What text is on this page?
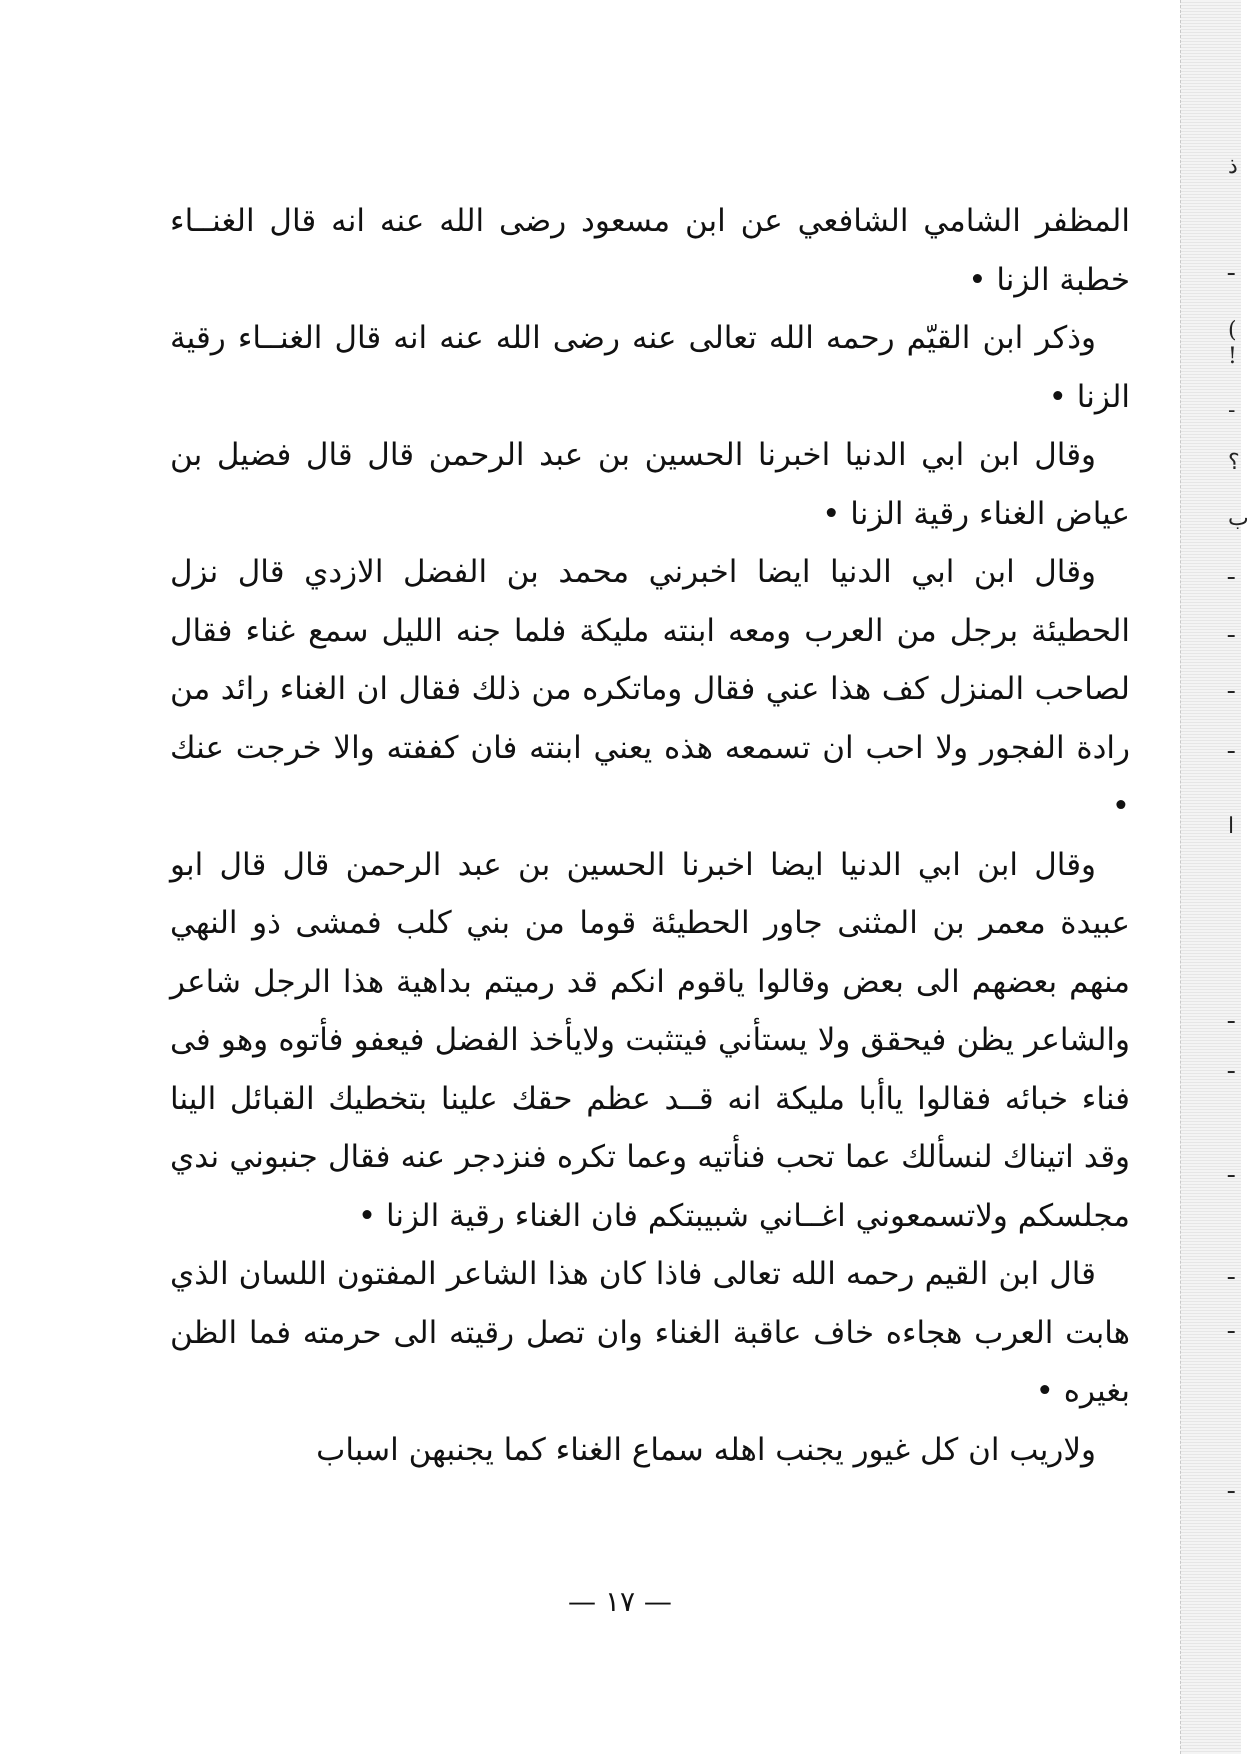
ذ
ـ
(
!
-
؟
ب
ـ
ـ
ـ
ـ
ا
ـ
ـ
ـ
ـ
ـ
ـ

المظفر الشامي الشافعي عن ابن مسعود رضى الله عنه انه قال الغنــاء خطبة الزنا •

وذكر ابن القيّم رحمه الله تعالى عنه رضى الله عنه انه قال الغنــاء رقية الزنا •

وقال ابن ابي الدنيا اخبرنا الحسين بن عبد الرحمن قال قال فضيل بن عياض الغناء رقية الزنا •

وقال ابن ابي الدنيا ايضا اخبرني محمد بن الفضل الازدي قال نزل الحطيئة برجل من العرب ومعه ابنته مليكة فلما جنه الليل سمع غناء فقال لصاحب المنزل كف هذا عني فقال وماتكره من ذلك فقال ان الغناء رائد من رادة الفجور ولا احب ان تسمعه هذه يعني ابنته فان كففته والا خرجت عنك •

وقال ابن ابي الدنيا ايضا اخبرنا الحسين بن عبد الرحمن قال قال ابو عبيدة معمر بن المثنى جاور الحطيئة قوما من بني كلب فمشى ذو النهي منهم بعضهم الى بعض وقالوا ياقوم انكم قد رميتم بداهية هذا الرجل شاعر والشاعر يظن فيحقق ولا يستأني فيتثبت ولايأخذ الفضل فيعفو فأتوه وهو فى فناء خبائه فقالوا ياأبا مليكة انه قــد عظم حقك علينا بتخطيك القبائل الينا وقد اتيناك لنسألك عما تحب فنأتيه وعما تكره فنزدجر عنه فقال جنبوني ندي مجلسكم ولاتسمعوني اغــاني شبيبتكم فان الغناء رقية الزنا •

قال ابن القيم رحمه الله تعالى فاذا كان هذا الشاعر المفتون اللسان الذي هابت العرب هجاءه خاف عاقبة الغناء وان تصل رقيته الى حرمته فما الظن بغيره •

ولاريب ان كل غيور يجنب اهله سماع الغناء كما يجنبهن اسباب

— ١٧ —
